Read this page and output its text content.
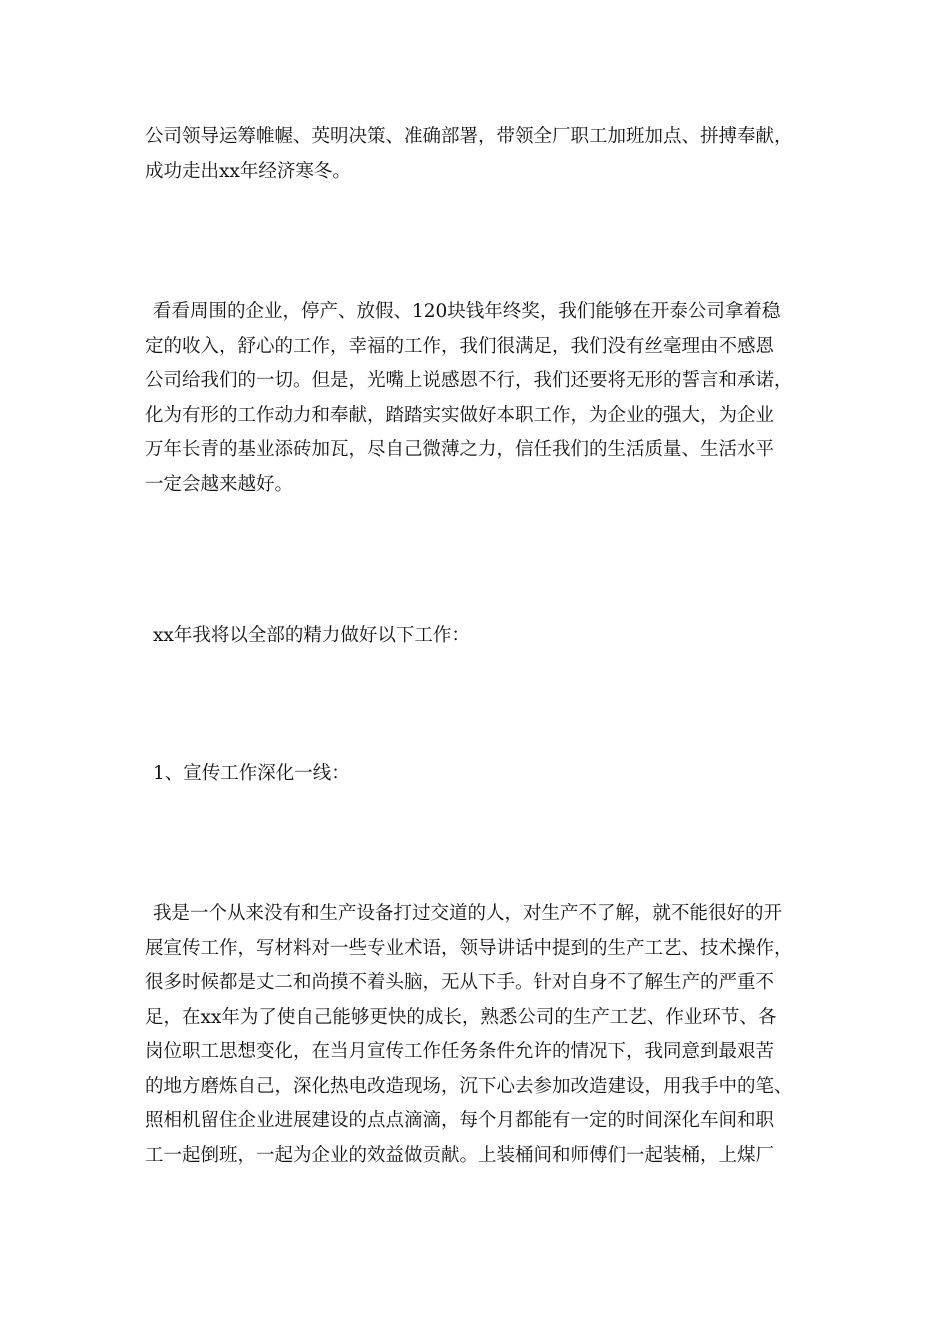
公司领导运筹帷幄、英明决策、准确部署，带领全厂职工加班加点、拼搏奉献，
成功走出xx年经济寒冬。
看看周围的企业，停产、放假、120块钱年终奖，我们能够在开泰公司拿着稳
定的收入，舒心的工作，幸福的工作，我们很满足，我们没有丝毫理由不感恩
公司给我们的一切。但是，光嘴上说感恩不行，我们还要将无形的誓言和承诺，
化为有形的工作动力和奉献，踏踏实实做好本职工作，为企业的强大，为企业
万年长青的基业添砖加瓦，尽自己微薄之力，信任我们的生活质量、生活水平
一定会越来越好。
xx年我将以全部的精力做好以下工作：
1、宣传工作深化一线：
我是一个从来没有和生产设备打过交道的人，对生产不了解，就不能很好的开
展宣传工作，写材料对一些专业术语，领导讲话中提到的生产工艺、技术操作，
很多时候都是丈二和尚摸不着头脑，无从下手。针对自身不了解生产的严重不
足，在xx年为了使自己能够更快的成长，熟悉公司的生产工艺、作业环节、各
岗位职工思想变化，在当月宣传工作任务条件允许的情况下，我同意到最艰苦
的地方磨炼自己，深化热电改造现场，沉下心去参加改造建设，用我手中的笔、
照相机留住企业进展建设的点点滴滴，每个月都能有一定的时间深化车间和职
工一起倒班，一起为企业的效益做贡献。上装桶间和师傅们一起装桶，上煤厂
